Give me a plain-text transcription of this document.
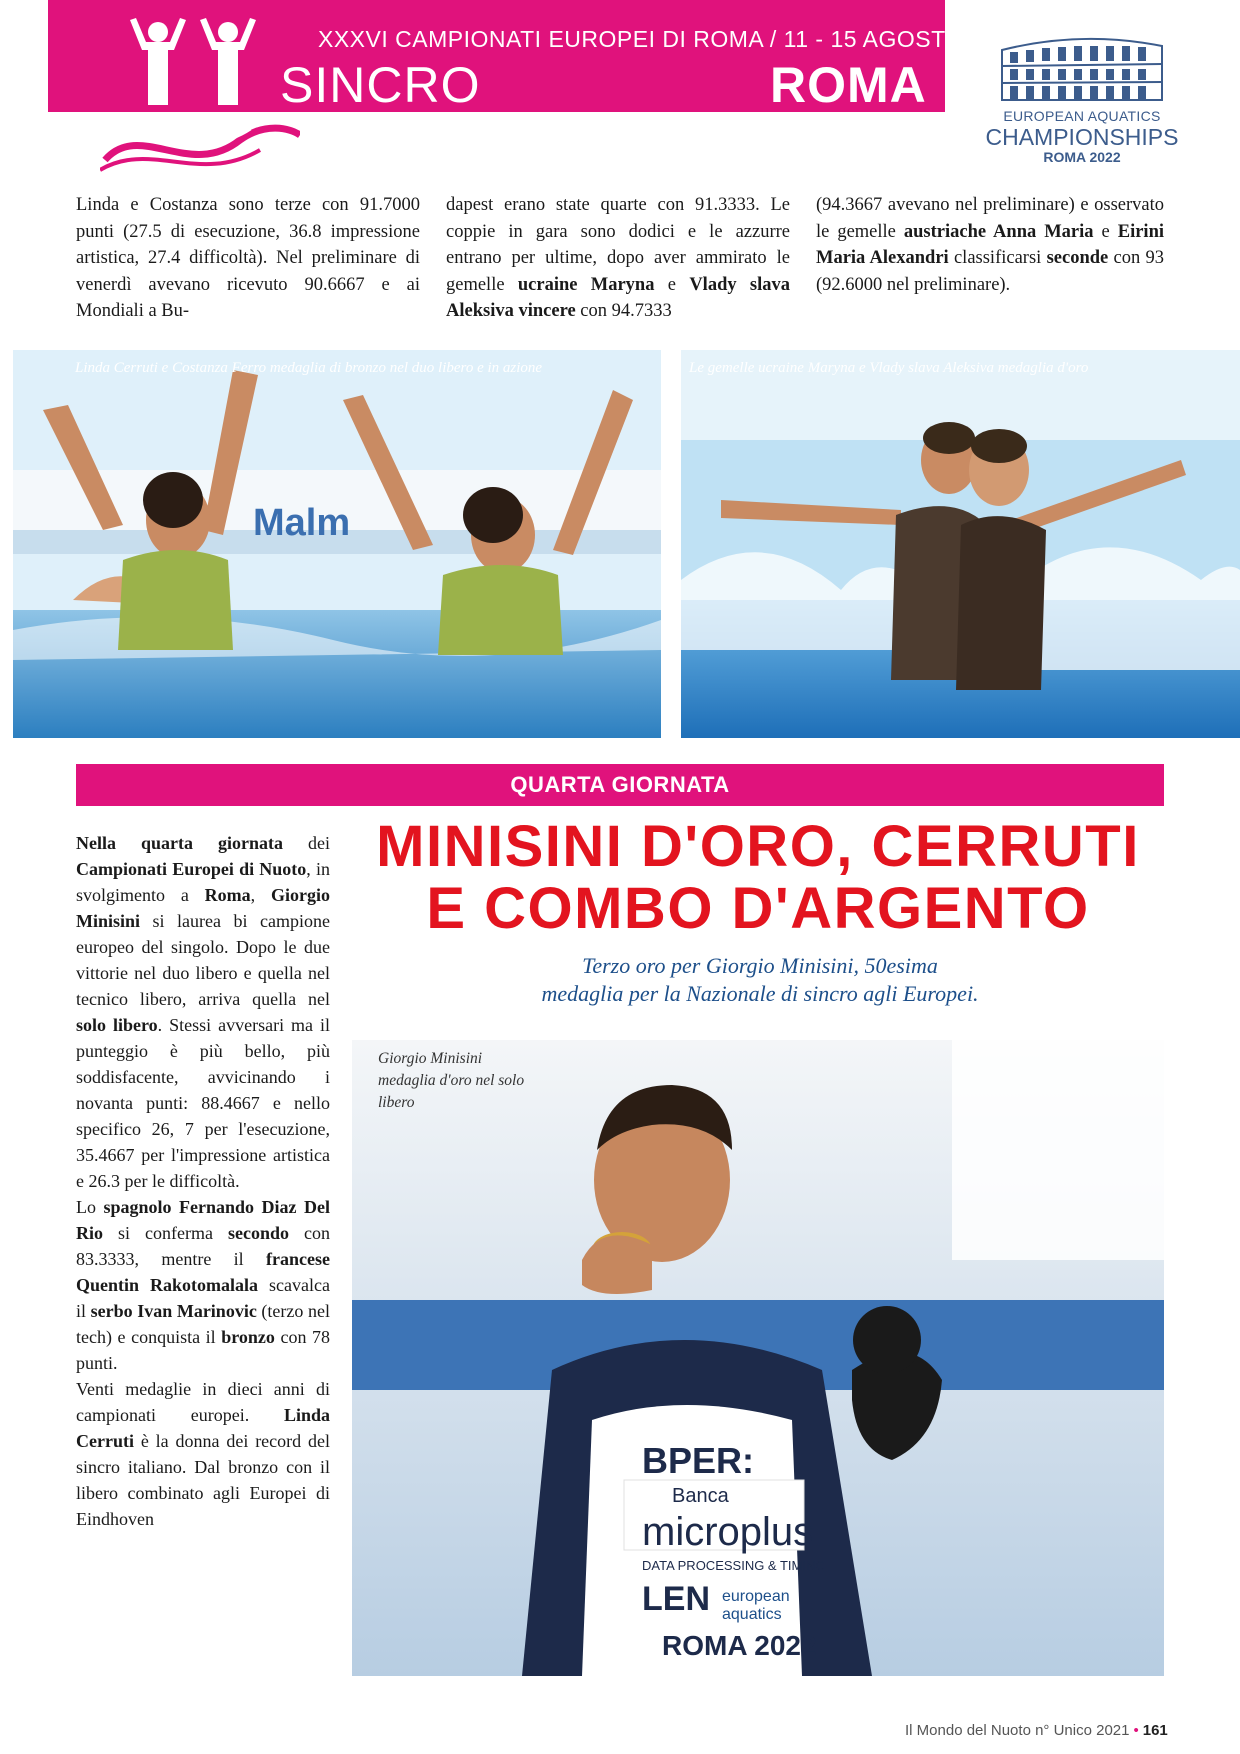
XXXVI CAMPIONATI EUROPEI DI ROMA / 11 - 15 AGOSTO
SINCRO	ROMA
EUROPEAN AQUATICS
CHAMPIONSHIPS
ROMA 2022

Linda e Costanza sono terze con 91.7000 punti (27.5 di esecuzione, 36.8 impressione artistica, 27.4 difficoltà). Nel preliminare di venerdì avevano ricevuto 90.6667 e ai Mondiali a Bu-

dapest erano state quarte con 91.3333. Le coppie in gara sono dodici e le azzurre entrano per ultime, dopo aver ammirato le gemelle ucraine Maryna e Vlady slava Aleksiva vincere con 94.7333

(94.3667 avevano nel preliminare) e osservato le gemelle austriache Anna Maria e Eirini Maria Alexandri classificarsi seconde con 93 (92.6000 nel preliminare).

Malm
Linda Cerruti e Costanza Ferro medaglia di bronzo nel duo libero e in azione	Le gemelle ucraine Maryna e Vlady slava Aleksiva medaglia d'oro
QUARTA GIORNATA
MINISINI D'ORO, CERRUTI
E COMBO D'ARGENTO
Terzo oro per Giorgio Minisini, 50esima
medaglia per la Nazionale di sincro agli Europei.

Nella quarta giornata dei Campionati Europei di Nuoto, in svolgimento a Roma, Giorgio Minisini si laurea bi campione europeo del singolo. Dopo le due vittorie nel duo libero e quella nel tecnico libero, arriva quella nel solo libero. Stessi avversari ma il punteggio è più bello, più soddisfacente, avvicinando i novanta punti: 88.4667 e nello specifico 26, 7 per l'esecuzione, 35.4667 per l'impressione artistica e 26.3 per le difficoltà.

Lo spagnolo Fernando Diaz Del Rio si conferma secondo con 83.3333, mentre il francese Quentin Rakotomalala scavalca il serbo Ivan Marinovic (terzo nel tech) e conquista il bronzo con 78 punti.

Venti medaglie in dieci anni di campionati europei. Linda Cerruti è la donna dei record del sincro italiano. Dal bronzo con il libero combinato agli Europei di Eindhoven

BPER:
Banca
microplus
DATA PROCESSING & TIMING
LEN european aquatics
ROMA 2022
Giorgio Minisini medaglia d'oro nel solo libero
Il Mondo del Nuoto n° Unico 2021 • 161
